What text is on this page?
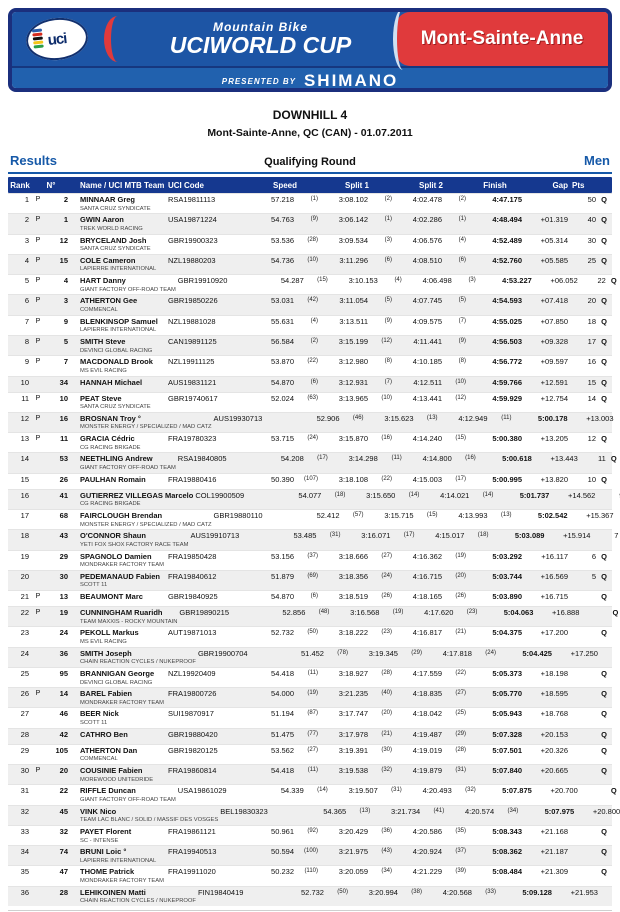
uci
Mountain Bike
UCIWORLD CUP	Mont-Sainte-Anne
PRESENTED BY SHIMANO
DOWNHILL 4
Mont-Sainte-Anne, QC (CAN) - 01.07.2011
Results	Qualifying Round	Men
Rank	N°	Name / UCI MTB Team UCI Code	Speed	Split 1	Split 2	Finish	Gap Pts
1 P	2 MINNAAR Greg
SANTA CRUZ SYNDICATE
RSA19811113	57.218	(1)	3:08.102	(2)	4:02.478	(2)	4:47.175	50 Q
2 P	1 GWIN Aaron
TREK WORLD RACING
USA19871224	54.763	(9)	3:06.142	(1)	4:02.286	(1)	4:48.494	+01.319	40 Q
3 P	12 BRYCELAND Josh
SANTA CRUZ SYNDICATE
GBR19900323	53.536	(28)	3:09.534	(3)	4:06.576	(4)	4:52.489	+05.314	30 Q
4 P	15 COLE Cameron
LAPIERRE INTERNATIONAL
NZL19880203	54.736	(10)	3:11.296	(6)	4:08.510	(6)	4:52.760	+05.585	25 Q
5 P	4 HART Danny
GIANT FACTORY OFF-ROAD TEAM
GBR19910920	54.287	(15)	3:10.153	(4)	4:06.498	(3)	4:53.227	+06.052	22 Q
6 P	3 ATHERTON Gee
COMMENCAL
GBR19850226	53.031	(42)	3:11.054	(5)	4:07.745	(5)	4:54.593	+07.418	20 Q
7 P	9 BLENKINSOP Samuel
LAPIERRE INTERNATIONAL
NZL19881028	55.631	(4)	3:13.511	(9)	4:09.575	(7)	4:55.025	+07.850	18 Q
8 P	5 SMITH Steve
DEVINCI GLOBAL RACING
CAN19891125	56.584	(2)	3:15.199	(12)	4:11.441	(9)	4:56.503	+09.328	17 Q
9 P	7 MACDONALD Brook
MS EVIL RACING
NZL19911125	53.870	(22)	3:12.980	(8)	4:10.185	(8)	4:56.772	+09.597	16 Q
10	34 HANNAH Michael	AUS19831121	54.870	(6)	3:12.931	(7)	4:12.511	(10)	4:59.766	+12.591	15 Q
11 P	10 PEAT Steve
SANTA CRUZ SYNDICATE
GBR19740617	52.024	(63)	3:13.965	(10)	4:13.441	(12)	4:59.929	+12.754	14 Q
12 P	16 BROSNAN Troy °
MONSTER ENERGY / SPECIALIZED / MAD CATZ
AUS19930713	52.906	(46)	3:15.623	(13)	4:12.949	(11)	5:00.178	+13.003
13 P	11 GRACIA Cédric
CG RACING BRIGADE
FRA19780323	53.715	(24)	3:15.870	(16)	4:14.240	(15)	5:00.380	+13.205	12 Q
14	53 NEETHLING Andrew
GIANT FACTORY OFF-ROAD TEAM
RSA19840805	54.208	(17)	3:14.298	(11)	4:14.800	(16)	5:00.618	+13.443	11 Q
15	26 PAULHAN Romain	FRA19880416	50.390	(107)	3:18.108	(22)	4:15.003	(17)	5:00.995	+13.820	10 Q
16	41 GUTIERREZ VILLEGAS Marcelo
CG RACING BRIGADE
COL19900509	54.077	(18)	3:15.650	(14)	4:14.021	(14)	5:01.737	+14.562
17	68 FAIRCLOUGH Brendan
MONSTER ENERGY / SPECIALIZED / MAD CATZ
GBR19880110	52.412	(57)	3:15.715	(15)	4:13.993	(13)	5:02.542	+15.367
18	43 O'CONNOR Shaun
YETI FOX SHOX FACTORY RACE TEAM
AUS19910713	53.485	(31)	3:16.071	(17)	4:15.017	(18)	5:03.089	+15.914	7
19	29 SPAGNOLO Damien
MONDRAKER FACTORY TEAM
FRA19850428	53.156	(37)	3:18.666	(27)	4:16.362	(19)	5:03.292	+16.117	6 Q
20	30 PEDEMANAUD Fabien
SCOTT 11
FRA19840612	51.879	(69)	3:18.356	(24)	4:16.715	(20)	5:03.744	+16.569	5 Q
21 P	13 BEAUMONT Marc	GBR19840925	54.870	(6)	3:18.519	(26)	4:18.165	(26)	5:03.890	+16.715	Q
22 P	19 CUNNINGHAM Ruaridh
TEAM MAXXIS - ROCKY MOUNTAIN
GBR19890215	52.856	(48)	3:16.568	(19)	4:17.620	(23)	5:04.063	+16.888	Q
23	24 PEKOLL Markus
MS EVIL RACING
AUT19871013	52.732	(50)	3:18.222	(23)	4:16.817	(21)	5:04.375	+17.200	Q
24	36 SMITH Joseph
CHAIN REACTION CYCLES / NUKEPROOF
GBR19900704	51.452	(78)	3:19.345	(29)	4:17.818	(24)	5:04.425	+17.250
25	95 BRANNIGAN George
DEVINCI GLOBAL RACING
NZL19920409	54.418	(11)	3:18.927	(28)	4:17.559	(22)	5:05.373	+18.198	Q
26 P	14 BAREL Fabien
MONDRAKER FACTORY TEAM
FRA19800726	54.000	(19)	3:21.235	(40)	4:18.835	(27)	5:05.770	+18.595	Q
27	46 BEER Nick
SCOTT 11
SUI19870917	51.194	(87)	3:17.747	(20)	4:18.042	(25)	5:05.943	+18.768	Q
28	42 CATHRO Ben	GBR19880420	51.475	(77)	3:17.978	(21)	4:19.487	(29)	5:07.328	+20.153	Q
29	105 ATHERTON Dan
COMMENCAL
GBR19820125	53.562	(27)	3:19.391	(30)	4:19.019	(28)	5:07.501	+20.326	Q
30 P	20 COUSINIE Fabien
MOREWOOD UNITEDRIDE
FRA19860814	54.418	(11)	3:19.538	(32)	4:19.879	(31)	5:07.840	+20.665	Q
31	22 RIFFLE Duncan
GIANT FACTORY OFF-ROAD TEAM
USA19861029	54.339	(14)	3:19.507	(31)	4:20.493	(32)	5:07.875	+20.700	Q
32	45 VINK Nico
TEAM LAC BLANC / SOLID / MASSIF DES VOSGES
BEL19830323	54.365	(13)	3:21.734	(41)	4:20.574	(34)	5:07.975	+20.800
33	32 PAYET Florent
SC - INTENSE
FRA19861121	50.961	(92)	3:20.429	(36)	4:20.586	(35)	5:08.343	+21.168	Q
34	74 BRUNI Loic °
LAPIERRE INTERNATIONAL
FRA19940513	50.594	(100)	3:21.975	(43)	4:20.924	(37)	5:08.362	+21.187	Q
35	47 THOME Patrick
MONDRAKER FACTORY TEAM
FRA19911020	50.232	(110)	3:20.059	(34)	4:21.229	(39)	5:08.484	+21.309	Q
36	28 LEHIKOINEN Matti
CHAIN REACTION CYCLES / NUKEPROOF
FIN19840419	52.732	(50)	3:20.994	(38)	4:20.568	(33)	5:09.128	+21.953
